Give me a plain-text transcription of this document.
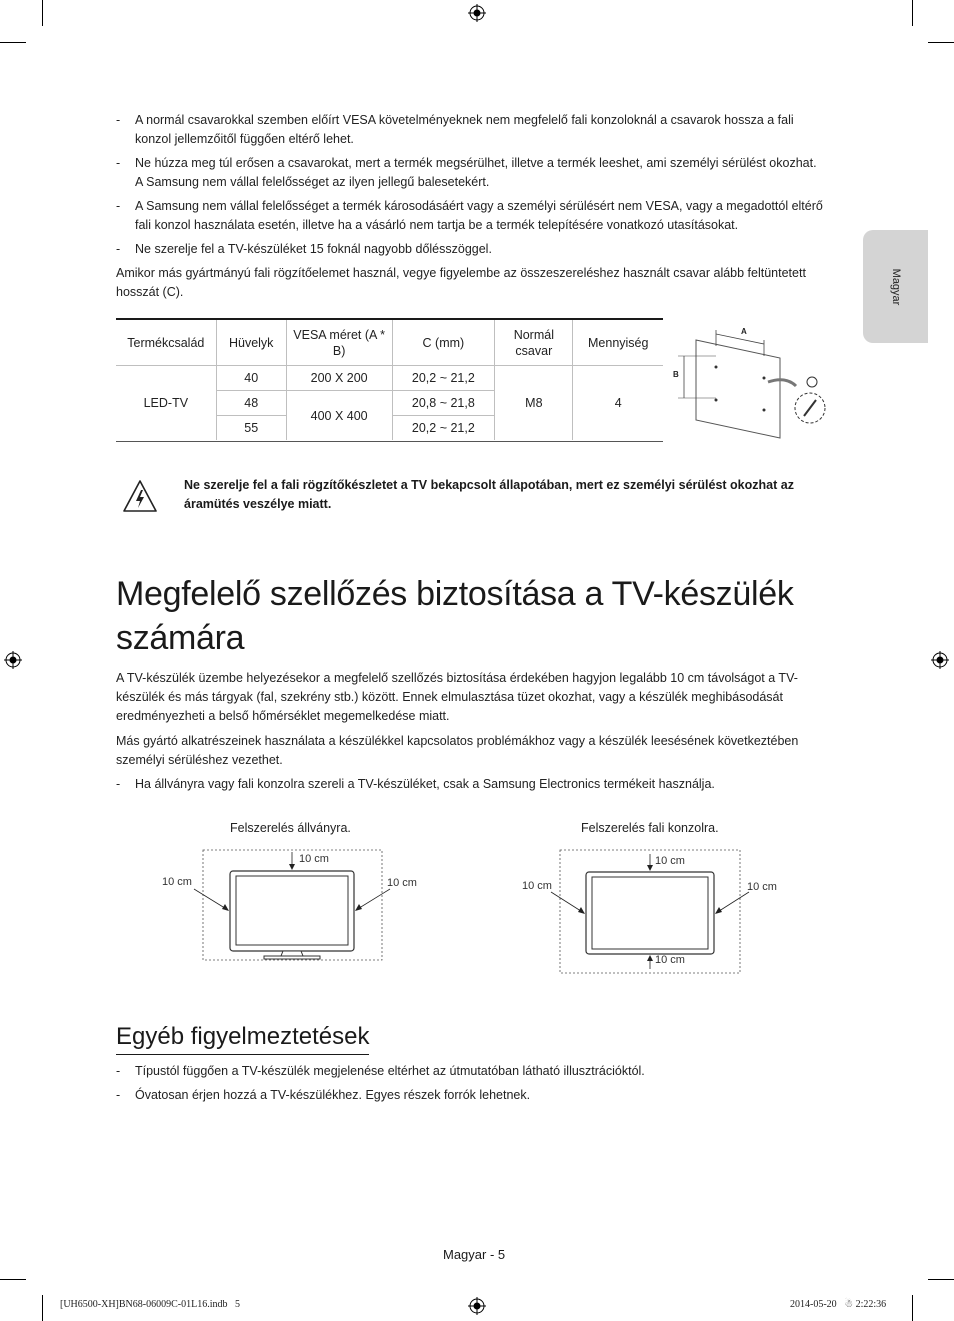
Magyar
- A normál csavarokkal szemben előírt VESA követelményeknek nem megfelelő fali konzoloknál a csavarok hossza a fali konzol jellemzőitől függően eltérő lehet.
- Ne húzza meg túl erősen a csavarokat, mert a termék megsérülhet, illetve a termék leeshet, ami személyi sérülést okozhat. A Samsung nem vállal felelősséget az ilyen jellegű balesetekért.
- A Samsung nem vállal felelősséget a termék károsodásáért vagy a személyi sérülésért nem VESA, vagy a megadottól eltérő fali konzol használata esetén, illetve ha a vásárló nem tartja be a termék telepítésére vonatkozó utasításokat.
- Ne szerelje fel a TV-készüléket 15 foknál nagyobb dőlésszöggel.
Amikor más gyártmányú fali rögzítőelemet használ, vegye figyelembe az összeszereléshez használt csavar alább feltüntetett hosszát (C).
Termékcsalád	Hüvelyk	VESA méret (A * B)	C (mm)	Normál csavar	Mennyiség
LED-TV	40	200 X 200	20,2 ~ 21,2	M8	4
	48	400 X 400	20,8 ~ 21,8		
	55		20,2 ~ 21,2		
A
B
Ne szerelje fel a fali rögzítőkészletet a TV bekapcsolt állapotában, mert ez személyi sérülést okozhat az áramütés veszélye miatt.
Megfelelő szellőzés biztosítása a TV-készülék számára
A TV-készülék üzembe helyezésekor a megfelelő szellőzés biztosítása érdekében hagyjon legalább 10 cm távolságot a TV-készülék és más tárgyak (fal, szekrény stb.) között. Ennek elmulasztása tüzet okozhat, vagy a készülék meghibásodását eredményezheti a belső hőmérséklet megemelkedése miatt.
Más gyártó alkatrészeinek használata a készülékkel kapcsolatos problémákhoz vagy a készülék leesésének következtében személyi sérüléshez vezethet.
- Ha állványra vagy fali konzolra szereli a TV-készüléket, csak a Samsung Electronics termékeit használja.
Felszerelés állványra.	Felszerelés fali konzolra.
10 cm
10 cm	10 cm
10 cm
10 cm
10 cm	10 cm
Egyéb figyelmeztetések
- Típustól függően a TV-készülék megjelenése eltérhet az útmutatóban látható illusztrációktól.
- Óvatosan érjen hozzá a TV-készülékhez. Egyes részek forrók lehetnek.
Magyar - 5
[UH6500-XH]BN68-06009C-01L16.indb   5	2014-05-20   ☃ 2:22:36
